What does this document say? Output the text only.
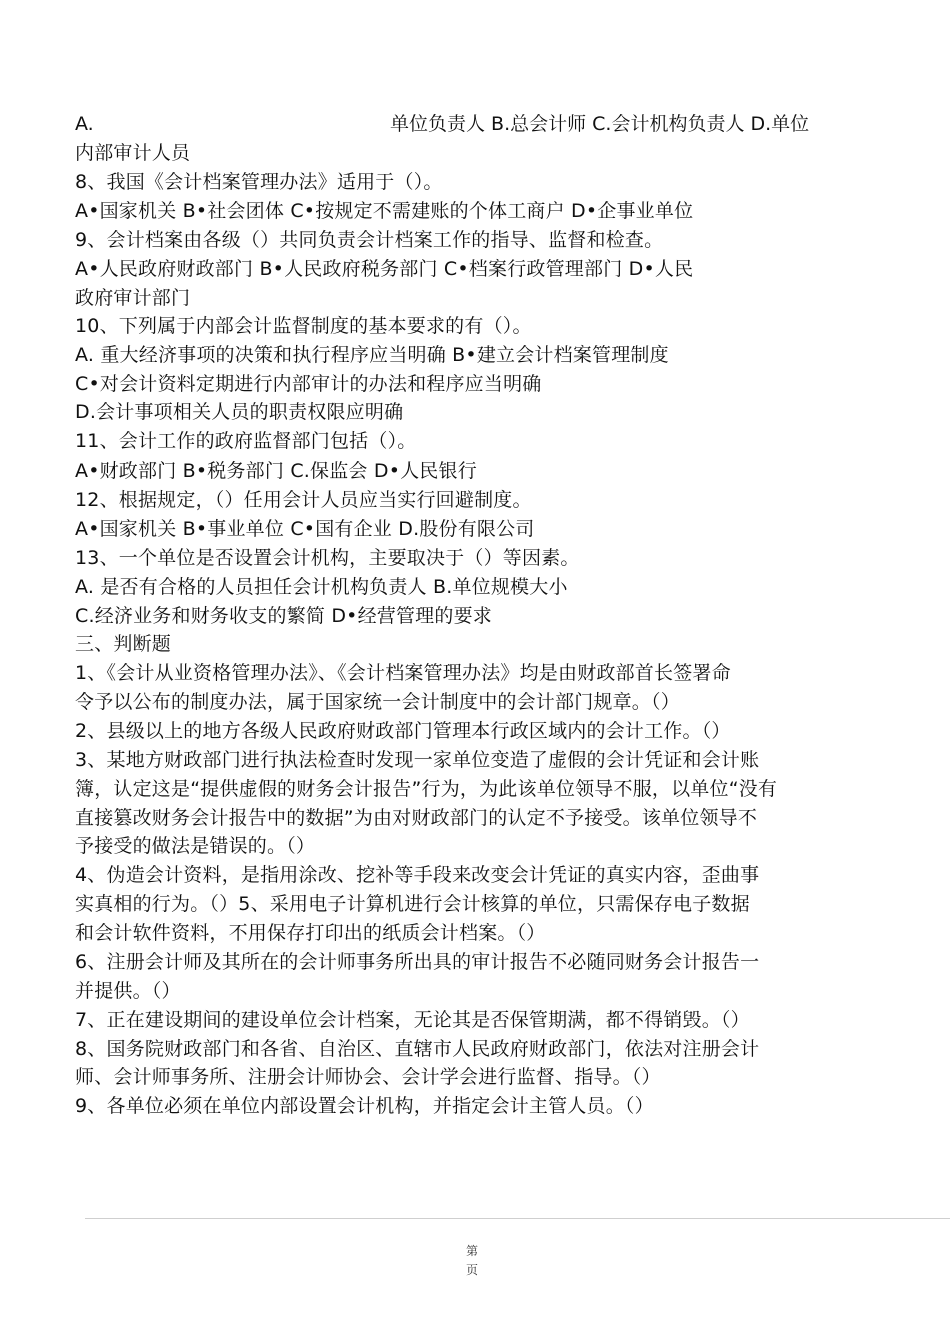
A.	单位负责人 B.总会计师 C.会计机构负责人 D.单位
内部审计人员
8、我国《会计档案管理办法》适用于（）。
A•国家机关 B•社会团体 C•按规定不需建账的个体工商户 D•企事业单位
9、会计档案由各级（）共同负责会计档案工作的指导、监督和检查。
A•人民政府财政部门 B•人民政府税务部门 C•档案行政管理部门 D•人民
政府审计部门
10、下列属于内部会计监督制度的基本要求的有（）。
A. 重大经济事项的决策和执行程序应当明确 B•建立会计档案管理制度
C•对会计资料定期进行内部审计的办法和程序应当明确
D.会计事项相关人员的职责权限应明确
11、会计工作的政府监督部门包括（）。
A•财政部门 B•税务部门 C.保监会 D•人民银行
12、根据规定，（）任用会计人员应当实行回避制度。
A•国家机关 B•事业单位 C•国有企业 D.股份有限公司
13、一个单位是否设置会计机构，主要取决于（）等因素。
A. 是否有合格的人员担任会计机构负责人 B.单位规模大小
C.经济业务和财务收支的繁简 D•经营管理的要求
三、判断题
1、《会计从业资格管理办法》、《会计档案管理办法》均是由财政部首长签署命
令予以公布的制度办法，属于国家统一会计制度中的会计部门规章。（）
2、县级以上的地方各级人民政府财政部门管理本行政区域内的会计工作。（）
3、某地方财政部门进行执法检查时发现一家单位变造了虚假的会计凭证和会计账
簿，认定这是“提供虚假的财务会计报告”行为，为此该单位领导不服，以单位“没有
直接篡改财务会计报告中的数据”为由对财政部门的认定不予接受。该单位领导不
予接受的做法是错误的。（）
4、伪造会计资料，是指用涂改、挖补等手段来改变会计凭证的真实内容，歪曲事
实真相的行为。（）5、采用电子计算机进行会计核算的单位，只需保存电子数据
和会计软件资料，不用保存打印出的纸质会计档案。（）
6、注册会计师及其所在的会计师事务所出具的审计报告不必随同财务会计报告一
并提供。（）
7、正在建设期间的建设单位会计档案，无论其是否保管期满，都不得销毁。（）
8、国务院财政部门和各省、自治区、直辖市人民政府财政部门，依法对注册会计
师、会计师事务所、注册会计师协会、会计学会进行监督、指导。（）
9、各单位必须在单位内部设置会计机构，并指定会计主管人员。（）
第
页
